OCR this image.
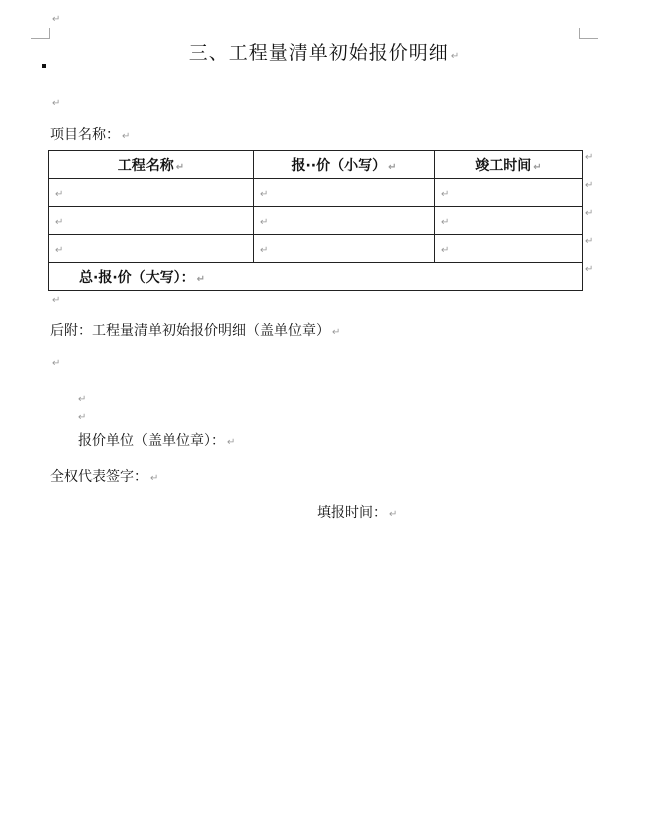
↵
三、工程量清单初始报价明细 ↵
↵
项目名称： ↵
工程名称 ↵	报··价（小写） ↵	竣工时间 ↵
↵	↵	↵
↵	↵	↵
↵	↵	↵
总·报·价（大写）： ↵		
↵
↵
↵
↵
↵
↵
后附：工程量清单初始报价明细（盖单位章） ↵
↵
↵
↵
报价单位（盖单位章）： ↵
全权代表签字： ↵
填报时间： ↵
